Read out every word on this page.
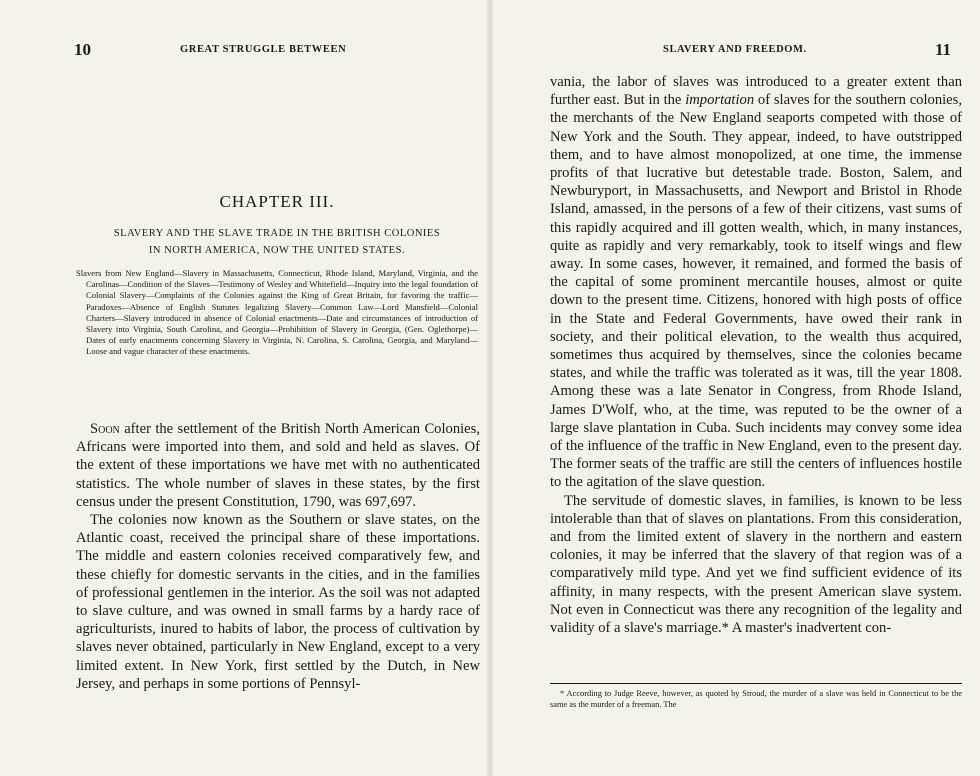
10	GREAT STRUGGLE BETWEEN
CHAPTER III.
SLAVERY AND THE SLAVE TRADE IN THE BRITISH COLONIES
IN NORTH AMERICA, NOW THE UNITED STATES.

Slavers from New England—Slavery in Massachusetts, Connecticut, Rhode Island, Maryland, Virginia, and the Carolinas—Condition of the Slaves—Testimony of Wesley and Whitefield—Inquiry into the legal foundation of Colonial Slavery—Complaints of the Colonies against the King of Great Britain, for favoring the traffic—Paradoxes—Absence of English Statutes legalizing Slavery—Common Law—Lord Mansfield—Colonial Charters—Slavery introduced in absence of Colonial enactments—Date and circumstances of introduction of Slavery into Virginia, South Carolina, and Georgia—Prohibition of Slavery in Georgia, (Gen. Oglethorpe)—Dates of early enactments concerning Slavery in Virginia, N. Carolina, S. Carolina, Georgia, and Maryland—Loose and vague character of these enactments.

Soon after the settlement of the British North American Colonies, Africans were imported into them, and sold and held as slaves. Of the extent of these importations we have met with no authenticated statistics. The whole number of slaves in these states, by the first census under the present Constitution, 1790, was 697,697.

The colonies now known as the Southern or slave states, on the Atlantic coast, received the principal share of these importations. The middle and eastern colonies received comparatively few, and these chiefly for domestic servants in the cities, and in the families of professional gentlemen in the interior. As the soil was not adapted to slave culture, and was owned in small farms by a hardy race of agriculturists, inured to habits of labor, the process of cultivation by slaves never obtained, particularly in New England, except to a very limited extent. In New York, first settled by the Dutch, in New Jersey, and perhaps in some portions of Pennsyl-

SLAVERY AND FREEDOM.	11

vania, the labor of slaves was introduced to a greater extent than further east. But in the importation of slaves for the southern colonies, the merchants of the New England seaports competed with those of New York and the South. They appear, indeed, to have outstripped them, and to have almost monopolized, at one time, the immense profits of that lucrative but detestable trade. Boston, Salem, and Newburyport, in Massachusetts, and Newport and Bristol in Rhode Island, amassed, in the persons of a few of their citizens, vast sums of this rapidly acquired and ill gotten wealth, which, in many instances, quite as rapidly and very remarkably, took to itself wings and flew away. In some cases, however, it remained, and formed the basis of the capital of some prominent mercantile houses, almost or quite down to the present time. Citizens, honored with high posts of office in the State and Federal Governments, have owed their rank in society, and their political elevation, to the wealth thus acquired, sometimes thus acquired by themselves, since the colonies became states, and while the traffic was tolerated as it was, till the year 1808. Among these was a late Senator in Congress, from Rhode Island, James D'Wolf, who, at the time, was reputed to be the owner of a large slave plantation in Cuba. Such incidents may convey some idea of the influence of the traffic in New England, even to the present day. The former seats of the traffic are still the centers of influences hostile to the agitation of the slave question.

The servitude of domestic slaves, in families, is known to be less intolerable than that of slaves on plantations. From this consideration, and from the limited extent of slavery in the northern and eastern colonies, it may be inferred that the slavery of that region was of a comparatively mild type. And yet we find sufficient evidence of its affinity, in many respects, with the present American slave system. Not even in Connecticut was there any recognition of the legality and validity of a slave's marriage.* A master's inadvertent con-

* According to Judge Reeve, however, as quoted by Stroud, the murder of a slave was held in Connecticut to be the same as the murder of a freeman. The
